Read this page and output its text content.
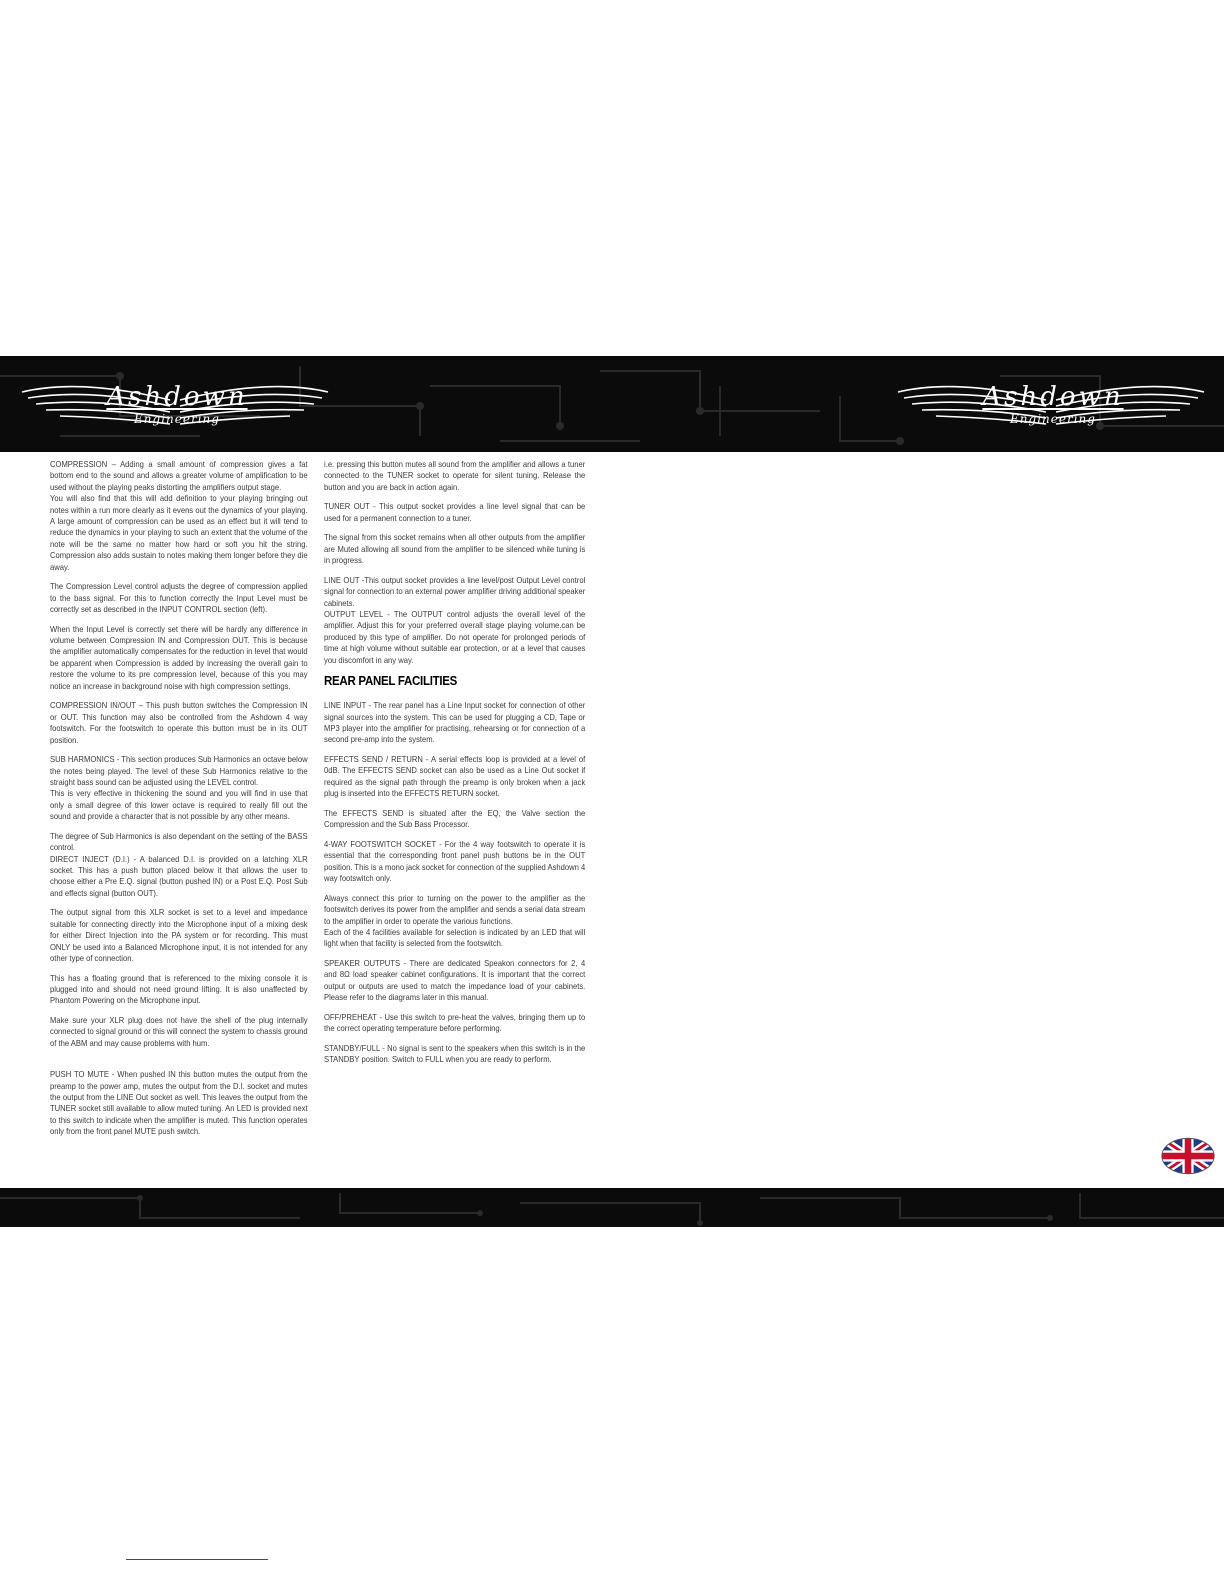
Ashdown
Engineering
Ashdown
Engineering

COMPRESSION – Adding a small amount of compression gives a fat bottom end to the sound and allows a greater volume of amplification to be used without the playing peaks distorting the amplifiers output stage.
You will also find that this will add definition to your playing bringing out notes within a run more clearly as it evens out the dynamics of your playing. A large amount of compression can be used as an effect but it will tend to reduce the dynamics in your playing to such an extent that the volume of the note will be the same no matter how hard or soft you hit the string. Compression also adds sustain to notes making them longer before they die away.

The Compression Level control adjusts the degree of compression applied to the bass signal. For this to function correctly the Input Level must be correctly set as described in the INPUT CONTROL section (left).

When the Input Level is correctly set there will be hardly any difference in volume between Compression IN and Compression OUT. This is because the amplifier automatically compensates for the reduction in level that would be apparent when Compression is added by increasing the overall gain to restore the volume to its pre compression level, because of this you may notice an increase in background noise with high compression settings.

COMPRESSION IN/OUT – This push button switches the Compression IN or OUT. This function may also be controlled from the Ashdown 4 way footswitch. For the footswitch to operate this button must be in its OUT position.

SUB HARMONICS - This section produces Sub Harmonics an octave below the notes being played. The level of these Sub Harmonics relative to the straight bass sound can be adjusted using the LEVEL control.
This is very effective in thickening the sound and you will find in use that only a small degree of this lower octave is required to really fill out the sound and provide a character that is not possible by any other means.

The degree of Sub Harmonics is also dependant on the setting of the BASS control.
DIRECT INJECT (D.I.) - A balanced D.I. is provided on a latching XLR socket. This has a push button placed below it that allows the user to choose either a Pre E.Q. signal (button pushed IN) or a Post E.Q. Post Sub and effects signal (button OUT).

The output signal from this XLR socket is set to a level and impedance suitable for connecting directly into the Microphone input of a mixing desk for either Direct Injection into the PA system or for recording. This must ONLY be used into a Balanced Microphone input, it is not intended for any other type of connection.

This has a floating ground that is referenced to the mixing console it is plugged into and should not need ground lifting. It is also unaffected by Phantom Powering on the Microphone input.

Make sure your XLR plug does not have the shell of the plug internally connected to signal ground or this will connect the system to chassis ground of the ABM and may cause problems with hum.

PUSH TO MUTE - When pushed IN this button mutes the output from the preamp to the power amp, mutes the output from the D.I. socket and mutes the output from the LINE Out socket as well. This leaves the output from the TUNER socket still available to allow muted tuning. An LED is provided next to this switch to indicate when the amplifier is muted. This function operates only from the front panel MUTE push switch.

i.e. pressing this button mutes all sound from the amplifier and allows a tuner connected to the TUNER socket to operate for silent tuning. Release the button and you are back in action again.

TUNER OUT - This output socket provides a line level signal that can be used for a permanent connection to a tuner.

The signal from this socket remains when all other outputs from the amplifier are Muted allowing all sound from the amplifier to be silenced while tuning is in progress.

LINE OUT -This output socket provides a line level/post Output Level control signal for connection to an external power amplifier driving additional speaker cabinets.
OUTPUT LEVEL - The OUTPUT control adjusts the overall level of the amplifier. Adjust this for your preferred overall stage playing volume.can be produced by this type of amplifier. Do not operate for prolonged periods of time at high volume without suitable ear protection, or at a level that causes you discomfort in any way.

REAR PANEL FACILITIES

LINE INPUT - The rear panel has a Line Input socket for connection of other signal sources into the system. This can be used for plugging a CD, Tape or MP3 player into the amplifier for practising, rehearsing or for connection of a second pre-amp into the system.

EFFECTS SEND / RETURN - A serial effects loop is provided at a level of 0dB. The EFFECTS SEND socket can also be used as a Line Out socket if required as the signal path through the preamp is only broken when a jack plug is inserted into the EFFECTS RETURN socket.

The EFFECTS SEND is situated after the EQ, the Valve section the Compression and the Sub Bass Processor.

4-WAY FOOTSWITCH SOCKET - For the 4 way footswitch to operate it is essential that the corresponding front panel push buttons be in the OUT position. This is a mono jack socket for connection of the supplied Ashdown 4 way footswitch only.

Always connect this prior to turning on the power to the amplifier as the footswitch derives its power from the amplifier and sends a serial data stream to the amplifier in order to operate the various functions.
Each of the 4 facilities available for selection is indicated by an LED that will light when that facility is selected from the footswitch.

SPEAKER OUTPUTS - There are dedicated Speakon connectors for 2, 4 and 8Ω load speaker cabinet configurations. It is important that the correct output or outputs are used to match the impedance load of your cabinets. Please refer to the diagrams later in this manual.

OFF/PREHEAT - Use this switch to pre-heat the valves, bringing them up to the correct operating temperature before performing.

STANDBY/FULL - No signal is sent to the speakers when this switch is in the STANDBY position. Switch to FULL when you are ready to perform.
